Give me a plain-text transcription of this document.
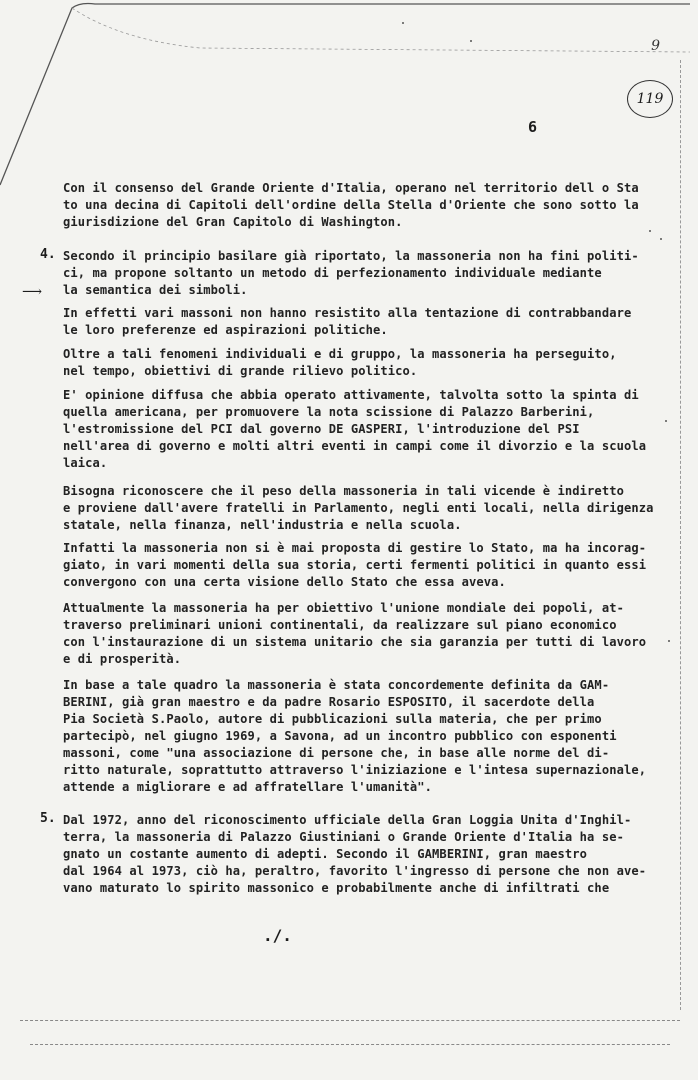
9
119
6
⟶
Con il consenso del Grande Oriente d'Italia, operano nel territorio dell o Sta
to una decina di Capitoli dell'ordine della Stella d'Oriente che sono sotto la
giurisdizione del Gran Capitolo di Washington.
4. Secondo il principio basilare già riportato, la massoneria non ha fini politi-
ci, ma propone soltanto un metodo di perfezionamento individuale mediante
la semantica dei simboli.
In effetti vari massoni non hanno resistito alla tentazione di contrabbandare
le loro preferenze ed aspirazioni politiche.
Oltre a tali fenomeni individuali e di gruppo, la massoneria ha perseguito,
nel tempo, obiettivi di grande rilievo politico.
E' opinione diffusa che abbia operato attivamente, talvolta sotto la spinta di
quella americana, per promuovere la nota scissione di Palazzo Barberini,
l'estromissione del PCI dal governo DE GASPERI, l'introduzione del PSI
nell'area di governo e molti altri eventi in campi come il divorzio e la scuola
laica.
Bisogna riconoscere che il peso della massoneria in tali vicende è indiretto
e proviene dall'avere fratelli in Parlamento, negli enti locali, nella dirigenza
statale, nella finanza, nell'industria e nella scuola.
Infatti la massoneria non si è mai proposta di gestire lo Stato, ma ha incorag-
giato, in vari momenti della sua storia, certi fermenti politici in quanto essi
convergono con una certa visione dello Stato che essa aveva.
Attualmente la massoneria ha per obiettivo l'unione mondiale dei popoli, at-
traverso preliminari unioni continentali, da realizzare sul piano economico
con l'instaurazione di un sistema unitario che sia garanzia per tutti di lavoro
e di prosperità.
In base a tale quadro la massoneria è stata concordemente definita da GAM-
BERINI, già gran maestro e da padre Rosario ESPOSITO, il sacerdote della
Pia Società S.Paolo, autore di pubblicazioni sulla materia, che per primo
partecipò, nel giugno 1969, a Savona, ad un incontro pubblico con esponenti
massoni, come "una associazione di persone che, in base alle norme del di-
ritto naturale, soprattutto attraverso l'iniziazione e l'intesa supernazionale,
attende a migliorare e ad affratellare l'umanità".
5. Dal 1972, anno del riconoscimento ufficiale della Gran Loggia Unita d'Inghil-
terra, la massoneria di Palazzo Giustiniani o Grande Oriente d'Italia ha se-
gnato un costante aumento di adepti. Secondo il GAMBERINI, gran maestro
dal 1964 al 1973, ciò ha, peraltro, favorito l'ingresso di persone che non ave-
vano maturato lo spirito massonico e probabilmente anche di infiltrati che
./.
